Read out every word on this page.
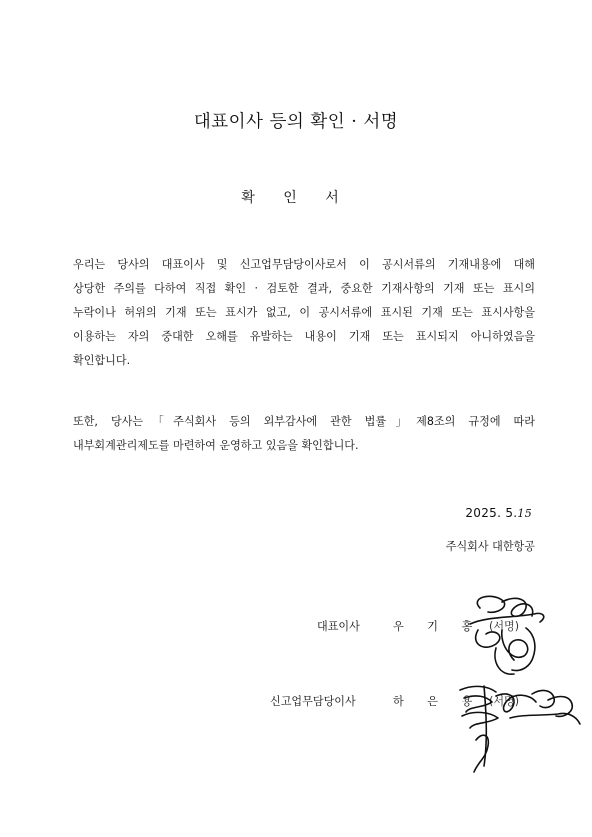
대표이사 등의 확인 · 서명
확 인 서
우리는 당사의 대표이사 및 신고업무담당이사로서 이 공시서류의 기재내용에 대해
상당한 주의를 다하여 직접 확인 · 검토한 결과, 중요한 기재사항의 기재 또는 표시의
누락이나 허위의 기재 또는 표시가 없고, 이 공시서류에 표시된 기재 또는 표시사항을
이용하는 자의 중대한 오해를 유발하는 내용이 기재 또는 표시되지 아니하였음을
확인합니다.
또한, 당사는「주식회사 등의 외부감사에 관한 법률」제8조의 규정에 따라
내부회계관리제도를 마련하여 운영하고 있음을 확인합니다.
2025. 5.15
주식회사 대한항공
대표이사	우 기 홍 (서명)
신고업무담당이사	하 은 용 (서명)
